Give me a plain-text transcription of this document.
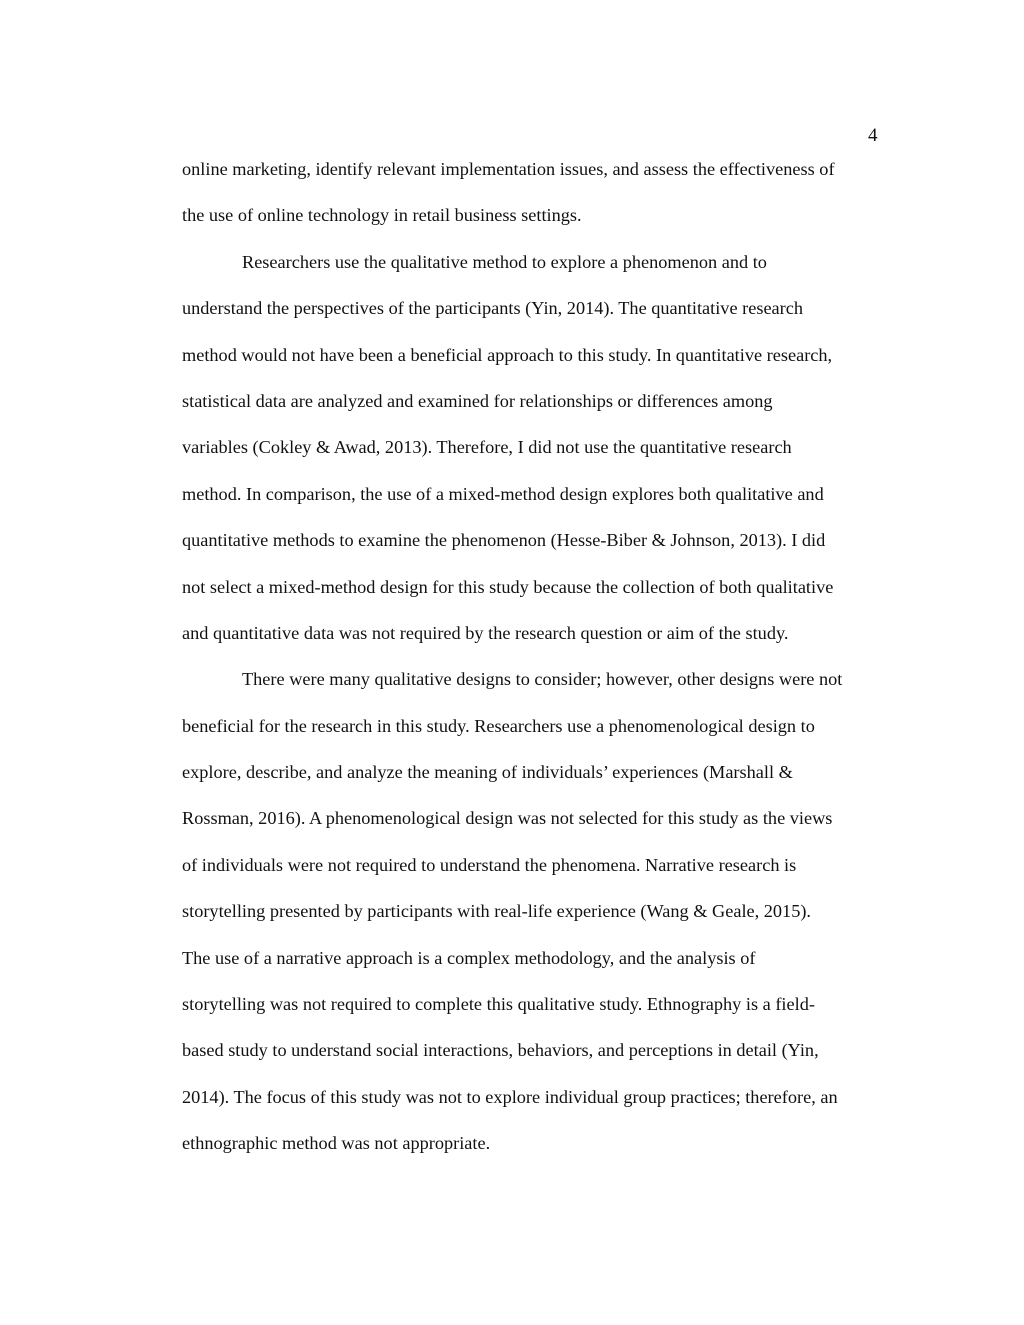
4
online marketing, identify relevant implementation issues, and assess the effectiveness of
the use of online technology in retail business settings.
Researchers use the qualitative method to explore a phenomenon and to
understand the perspectives of the participants (Yin, 2014). The quantitative research
method would not have been a beneficial approach to this study. In quantitative research,
statistical data are analyzed and examined for relationships or differences among
variables (Cokley & Awad, 2013). Therefore, I did not use the quantitative research
method. In comparison, the use of a mixed-method design explores both qualitative and
quantitative methods to examine the phenomenon (Hesse-Biber & Johnson, 2013). I did
not select a mixed-method design for this study because the collection of both qualitative
and quantitative data was not required by the research question or aim of the study.
There were many qualitative designs to consider; however, other designs were not
beneficial for the research in this study. Researchers use a phenomenological design to
explore, describe, and analyze the meaning of individuals’ experiences (Marshall &
Rossman, 2016). A phenomenological design was not selected for this study as the views
of individuals were not required to understand the phenomena. Narrative research is
storytelling presented by participants with real-life experience (Wang & Geale, 2015).
The use of a narrative approach is a complex methodology, and the analysis of
storytelling was not required to complete this qualitative study. Ethnography is a field-
based study to understand social interactions, behaviors, and perceptions in detail (Yin,
2014). The focus of this study was not to explore individual group practices; therefore, an
ethnographic method was not appropriate.
